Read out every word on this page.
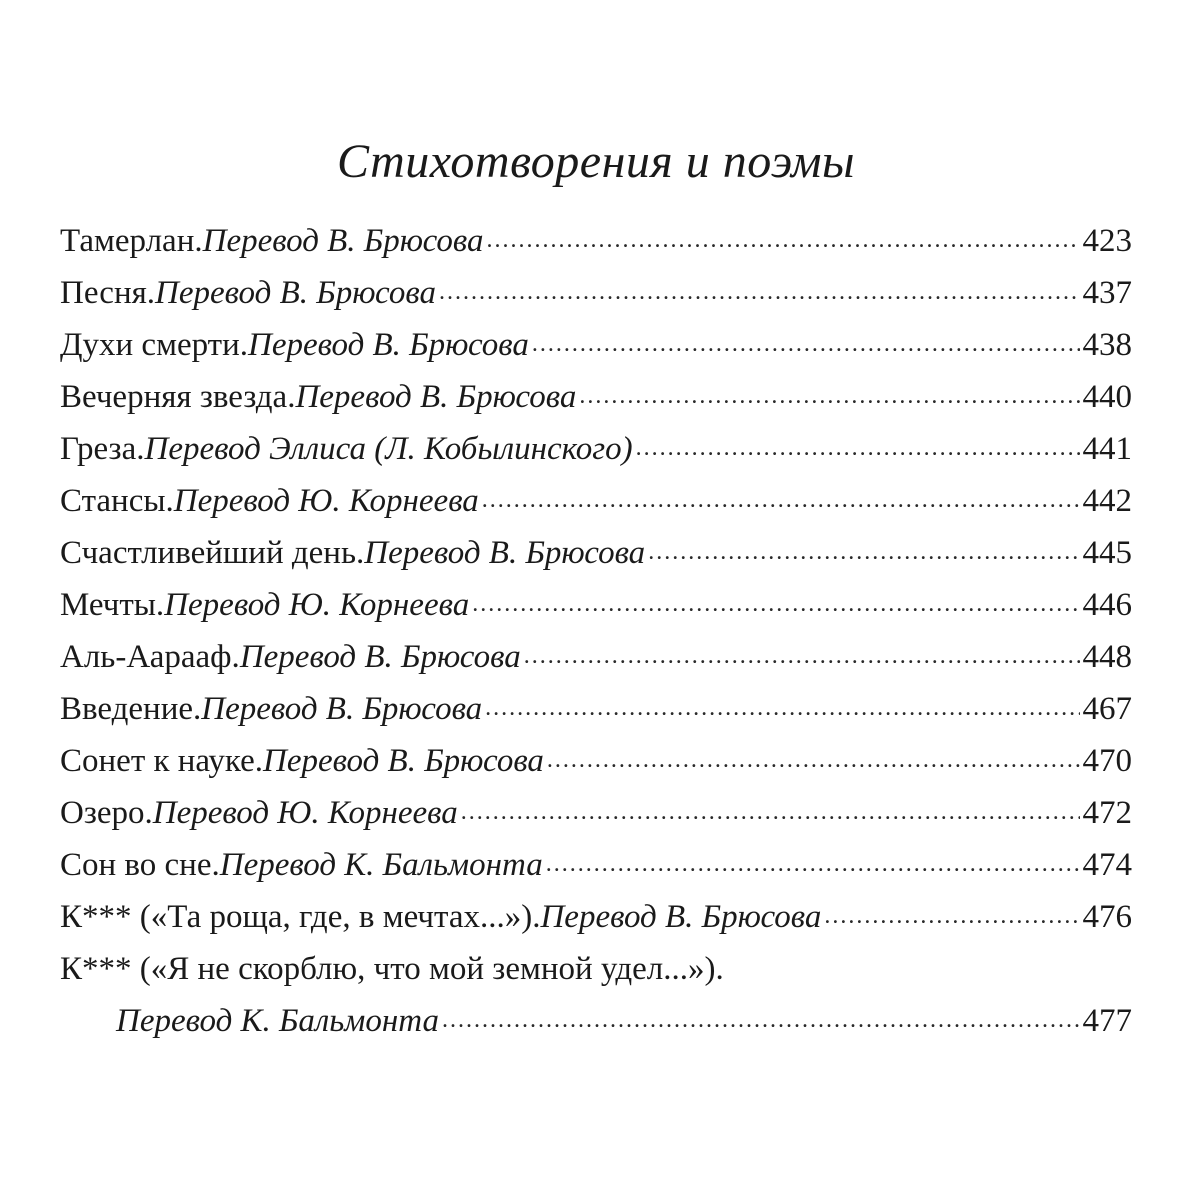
Стихотворения и поэмы
Тамерлан. Перевод В. Брюсова .....	423
Песня. Перевод В. Брюсова .....	437
Духи смерти. Перевод В. Брюсова .....	438
Вечерняя звезда. Перевод В. Брюсова .....	440
Греза. Перевод Эллиса (Л. Кобылинского) .....	441
Стансы. Перевод Ю. Корнеева .....	442
Счастливейший день. Перевод В. Брюсова .....	445
Мечты. Перевод Ю. Корнеева .....	446
Аль-Аарааф. Перевод В. Брюсова .....	448
Введение. Перевод В. Брюсова .....	467
Сонет к науке. Перевод В. Брюсова .....	470
Озеро. Перевод Ю. Корнеева .....	472
Сон во сне. Перевод К. Бальмонта .....	474
К*** («Та роща, где, в мечтах...»). Перевод В. Брюсова .....	476
К*** («Я не скорблю, что мой земной удел...»).
Перевод К. Бальмонта .....	477
